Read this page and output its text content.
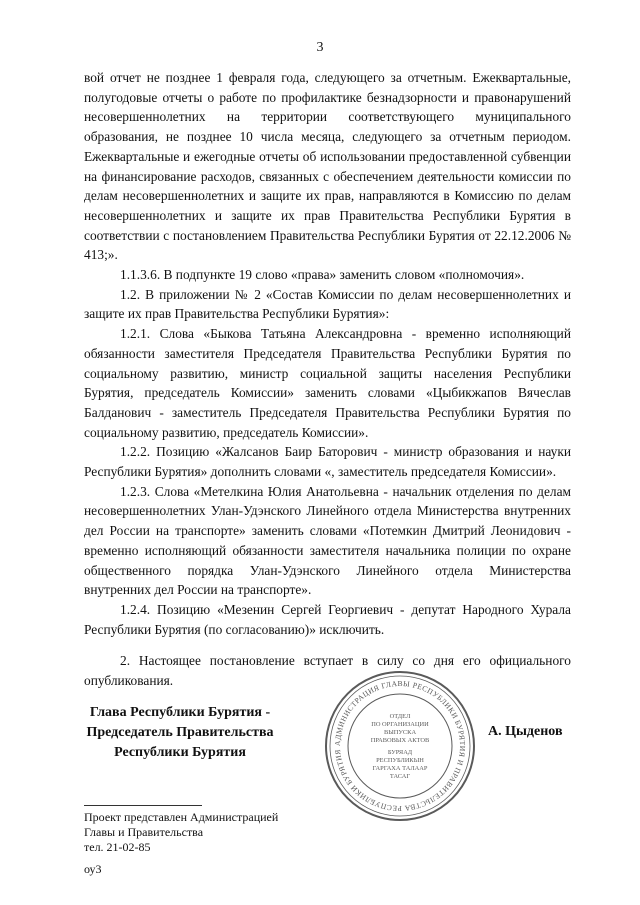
3

вой отчет не позднее 1 февраля года, следующего за отчетным. Ежеквартальные, полугодовые отчеты о работе по профилактике безнадзорности и правонарушений несовершеннолетних на территории соответствующего муниципального образования, не позднее 10 числа месяца, следующего за отчетным периодом. Ежеквартальные и ежегодные отчеты об использовании предоставленной субвенции на финансирование расходов, связанных с обеспечением деятельности комиссии по делам несовершеннолетних и защите их прав, направляются в Комиссию по делам несовершеннолетних и защите их прав Правительства Республики Бурятия в соответствии с постановлением Правительства Республики Бурятия от 22.12.2006 № 413;».

1.1.3.6. В подпункте 19 слово «права» заменить словом «полномочия».

1.2. В приложении № 2 «Состав Комиссии по делам несовершеннолетних и защите их прав Правительства Республики Бурятия»:

1.2.1. Слова «Быкова Татьяна Александровна - временно исполняющий обязанности заместителя Председателя Правительства Республики Бурятия по социальному развитию, министр социальной защиты населения Республики Бурятия, председатель Комиссии» заменить словами «Цыбикжапов Вячеслав Балданович - заместитель Председателя Правительства Республики Бурятия по социальному развитию, председатель Комиссии».

1.2.2. Позицию «Жалсанов Баир Баторович - министр образования и науки Республики Бурятия» дополнить словами «, заместитель председателя Комиссии».

1.2.3. Слова «Метелкина Юлия Анатольевна - начальник отделения по делам несовершеннолетних Улан-Удэнского Линейного отдела Министерства внутренних дел России на транспорте» заменить словами «Потемкин Дмитрий Леонидович - временно исполняющий обязанности заместителя начальника полиции по охране общественного порядка Улан-Удэнского Линейного отдела Министерства внутренних дел России на транспорте».

1.2.4. Позицию «Мезенин Сергей Георгиевич - депутат Народного Хурала Республики Бурятия (по согласованию)» исключить.

2. Настоящее постановление вступает в силу со дня его официального опубликования.

Глава Республики Бурятия -
Председатель Правительства
Республики Бурятия
АДМИНИСТРАЦИЯ ГЛАВЫ РЕСПУБЛИКИ БУРЯТИЯ И ПРАВИТЕЛЬСТВА РЕСПУБЛИКИ БУРЯТИЯ
ОТДЕЛ
ПО ОРГАНИЗАЦИИ
ВЫПУСКА
ПРАВОВЫХ АКТОВ
БУРЯАД
РЕСПУБЛИКЫН
ГАРГАХА ТАЛААР
ТАСАГ
А. Цыденов
Проект представлен Администрацией
Главы и Правительства
тел. 21-02-85
оу3
